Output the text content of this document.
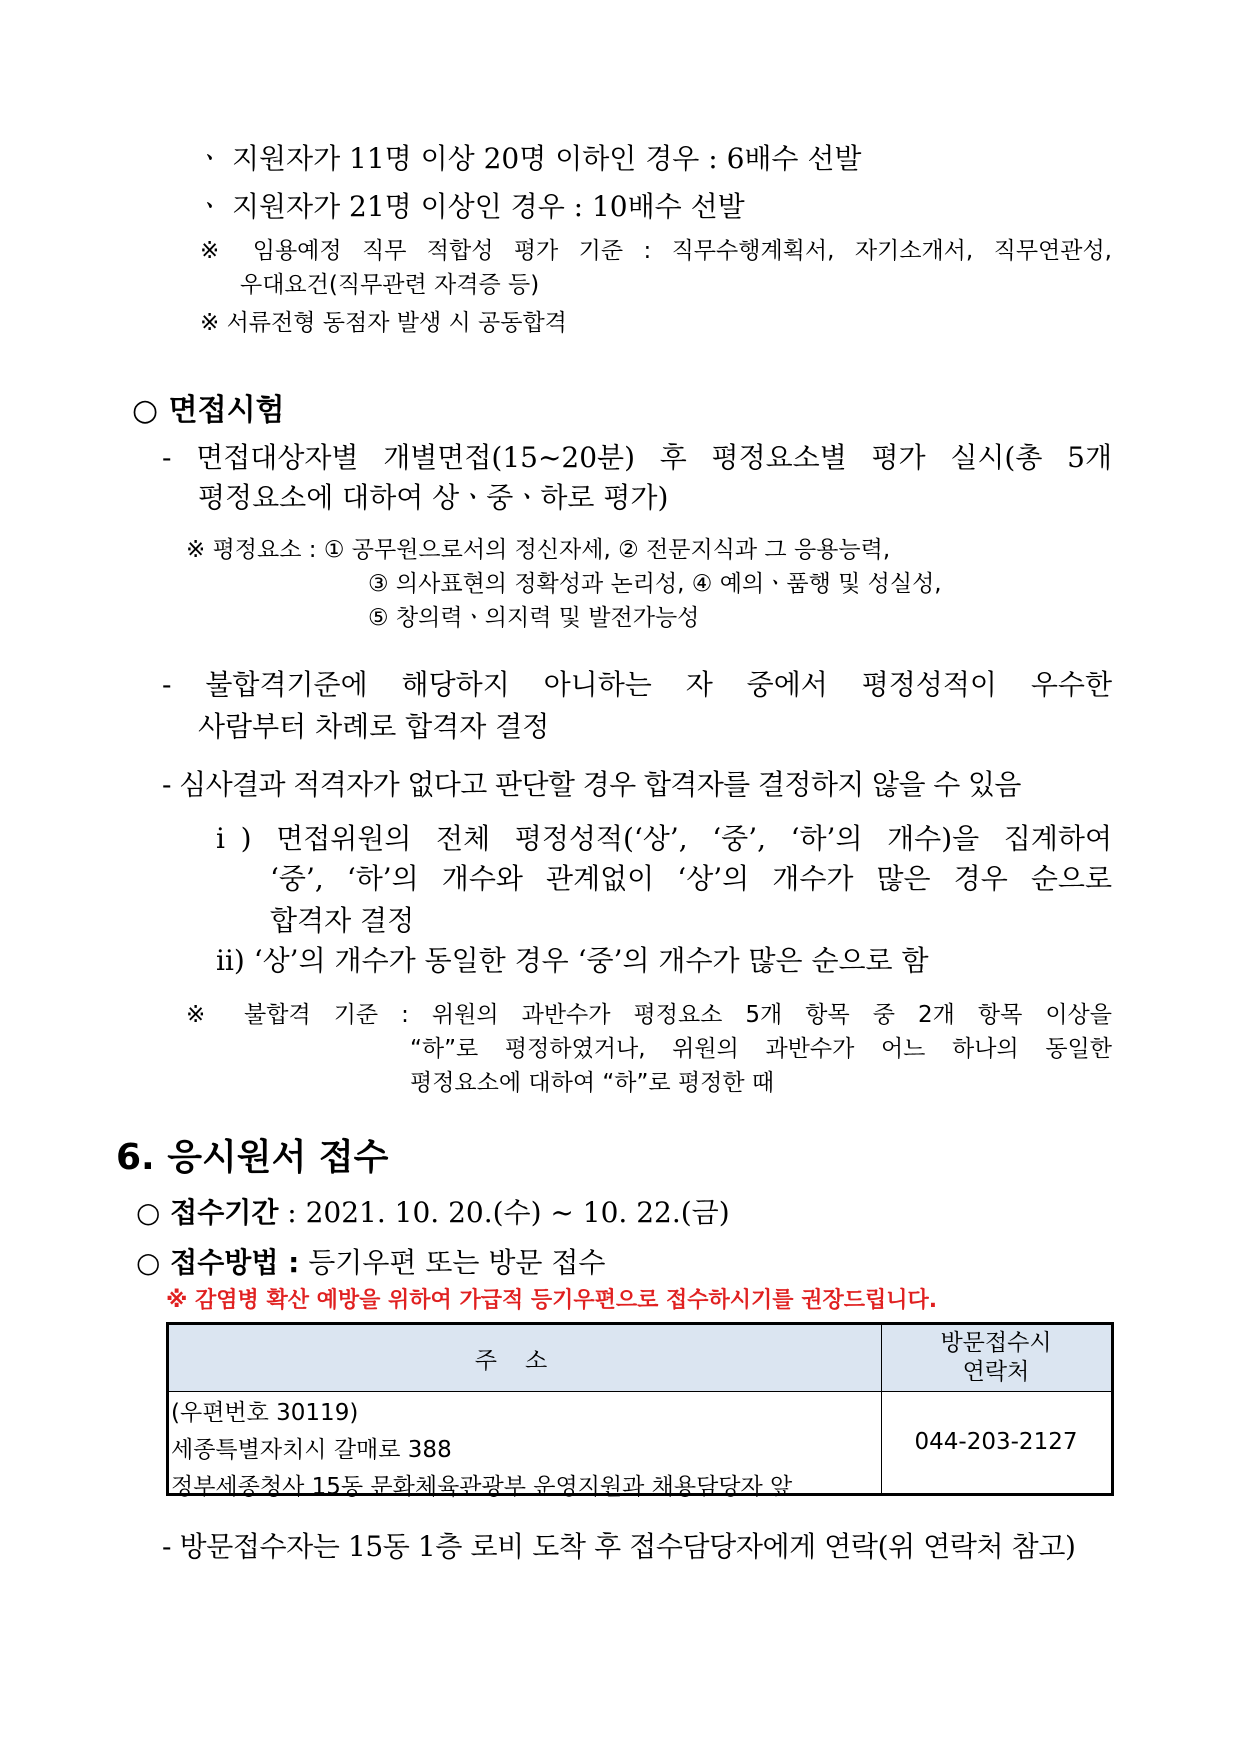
ㆍ 지원자가 11명 이상 20명 이하인 경우 : 6배수 선발
ㆍ 지원자가 21명 이상인 경우 : 10배수 선발
※ 임용예정 직무 적합성 평가 기준 : 직무수행계획서, 자기소개서, 직무연관성,
우대요건(직무관련 자격증 등)
※ 서류전형 동점자 발생 시 공동합격
○ 면접시험
- 면접대상자별 개별면접(15~20분) 후 평정요소별 평가 실시(총 5개
평정요소에 대하여 상ㆍ중ㆍ하로 평가)
※ 평정요소 : ① 공무원으로서의 정신자세, ② 전문지식과 그 응용능력,
③ 의사표현의 정확성과 논리성, ④ 예의ㆍ품행 및 성실성,
⑤ 창의력ㆍ의지력 및 발전가능성
- 불합격기준에 해당하지 아니하는 자 중에서 평정성적이 우수한
사람부터 차례로 합격자 결정
- 심사결과 적격자가 없다고 판단할 경우 합격자를 결정하지 않을 수 있음
ⅰ) 면접위원의 전체 평정성적(‘상’, ‘중’, ‘하’의 개수)을 집계하여
‘중’, ‘하’의 개수와 관계없이 ‘상’의 개수가 많은 경우 순으로
합격자 결정
ⅱ) ‘상’의 개수가 동일한 경우 ‘중’의 개수가 많은 순으로 함
※ 불합격 기준 : 위원의 과반수가 평정요소 5개 항목 중 2개 항목 이상을
“하”로 평정하였거나, 위원의 과반수가 어느 하나의 동일한
평정요소에 대하여 “하”로 평정한 때
6. 응시원서 접수
○ 접수기간 : 2021. 10. 20.(수) ~ 10. 22.(금)
○ 접수방법 : 등기우편 또는 방문 접수
※ 감염병 확산 예방을 위하여 가급적 등기우편으로 접수하시기를 권장드립니다.
주소
방문접수시
연락처
(우편번호 30119)
세종특별자치시 갈매로 388
정부세종청사 15동 문화체육관광부 운영지원과 채용담당자 앞
044-203-2127
- 방문접수자는 15동 1층 로비 도착 후 접수담당자에게 연락(위 연락처 참고)
